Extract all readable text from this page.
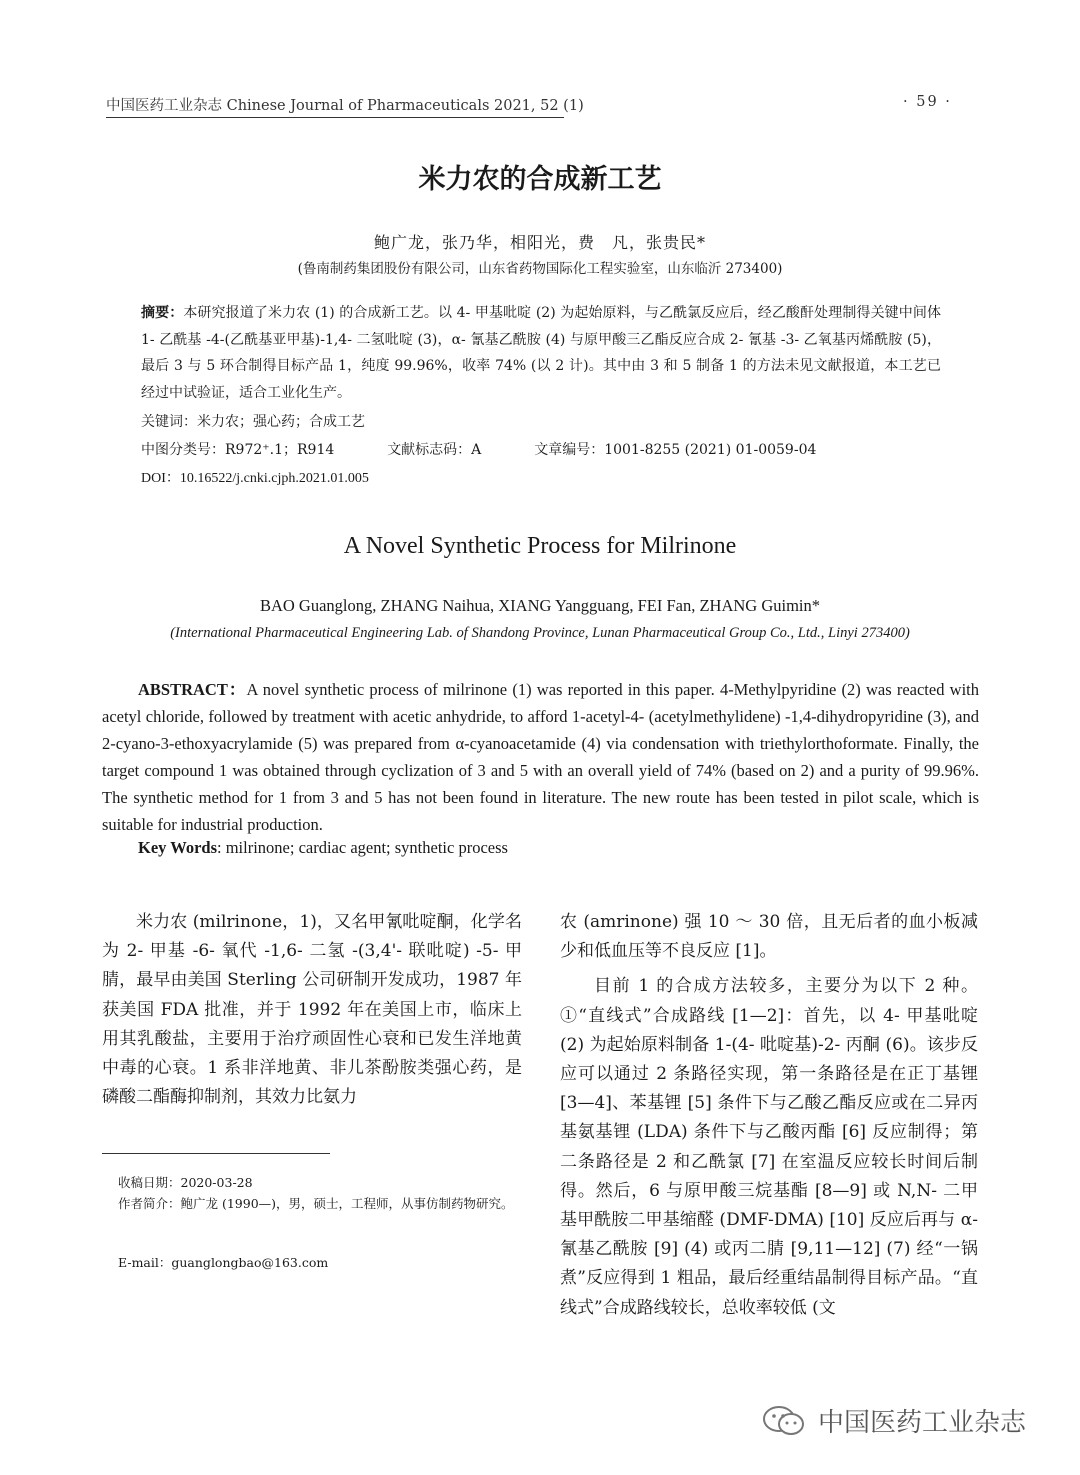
中国医药工业杂志 Chinese Journal of Pharmaceuticals 2021, 52 (1)	· 59 ·
米力农的合成新工艺
鲍广龙，张乃华，相阳光，费　凡，张贵民*
(鲁南制药集团股份有限公司，山东省药物国际化工程实验室，山东临沂 273400)
摘要：本研究报道了米力农 (1) 的合成新工艺。以 4- 甲基吡啶 (2) 为起始原料，与乙酰氯反应后，经乙酸酐处理制得关键中间体 1- 乙酰基 -4-(乙酰基亚甲基)-1,4- 二氢吡啶 (3)，α- 氰基乙酰胺 (4) 与原甲酸三乙酯反应合成 2- 氰基 -3- 乙氧基丙烯酰胺 (5)，最后 3 与 5 环合制得目标产品 1，纯度 99.96%，收率 74% (以 2 计)。其中由 3 和 5 制备 1 的方法未见文献报道，本工艺已经过中试验证，适合工业化生产。
关键词：米力农；强心药；合成工艺
中图分类号：R972⁺.1；R914	文献标志码：A	文章编号：1001-8255 (2021) 01-0059-04
DOI：10.16522/j.cnki.cjph.2021.01.005
A Novel Synthetic Process for Milrinone
BAO Guanglong, ZHANG Naihua, XIANG Yangguang, FEI Fan, ZHANG Guimin*
(International Pharmaceutical Engineering Lab. of Shandong Province, Lunan Pharmaceutical Group Co., Ltd., Linyi 273400)
ABSTRACT：A novel synthetic process of milrinone (1) was reported in this paper. 4-Methylpyridine (2) was reacted with acetyl chloride, followed by treatment with acetic anhydride, to afford 1-acetyl-4- (acetylmethylidene) -1,4-dihydropyridine (3), and 2-cyano-3-ethoxyacrylamide (5) was prepared from α-cyanoacetamide (4) via condensation with triethylorthoformate. Finally, the target compound 1 was obtained through cyclization of 3 and 5 with an overall yield of 74% (based on 2) and a purity of 99.96%. The synthetic method for 1 from 3 and 5 has not been found in literature. The new route has been tested in pilot scale, which is suitable for industrial production.
Key Words: milrinone; cardiac agent; synthetic process

米力农 (milrinone，1)，又名甲氰吡啶酮，化学名为 2- 甲基 -6- 氧代 -1,6- 二氢 -(3,4'- 联吡啶) -5- 甲腈，最早由美国 Sterling 公司研制开发成功，1987 年获美国 FDA 批准，并于 1992 年在美国上市，临床上用其乳酸盐，主要用于治疗顽固性心衰和已发生洋地黄中毒的心衰。1 系非洋地黄、非儿茶酚胺类强心药，是磷酸二酯酶抑制剂，其效力比氨力

农 (amrinone) 强 10 ～ 30 倍，且无后者的血小板减少和低血压等不良反应 [1]。

目前 1 的合成方法较多，主要分为以下 2 种。①“直线式”合成路线 [1—2]：首先，以 4- 甲基吡啶 (2) 为起始原料制备 1-(4- 吡啶基)-2- 丙酮 (6)。该步反应可以通过 2 条路径实现，第一条路径是在正丁基锂 [3—4]、苯基锂 [5] 条件下与乙酸乙酯反应或在二异丙基氨基锂 (LDA) 条件下与乙酸丙酯 [6] 反应制得；第二条路径是 2 和乙酰氯 [7] 在室温反应较长时间后制得。然后，6 与原甲酸三烷基酯 [8—9] 或 N,N- 二甲基甲酰胺二甲基缩醛 (DMF-DMA) [10] 反应后再与 α- 氰基乙酰胺 [9] (4) 或丙二腈 [9,11—12] (7) 经“一锅煮”反应得到 1 粗品，最后经重结晶制得目标产品。“直线式”合成路线较长，总收率较低 (文

收稿日期：2020-03-28
作者简介：鲍广龙 (1990—)，男，硕士，工程师，从事仿制药物研究。
E-mail：guanglongbao@163.com
中国医药工业杂志
